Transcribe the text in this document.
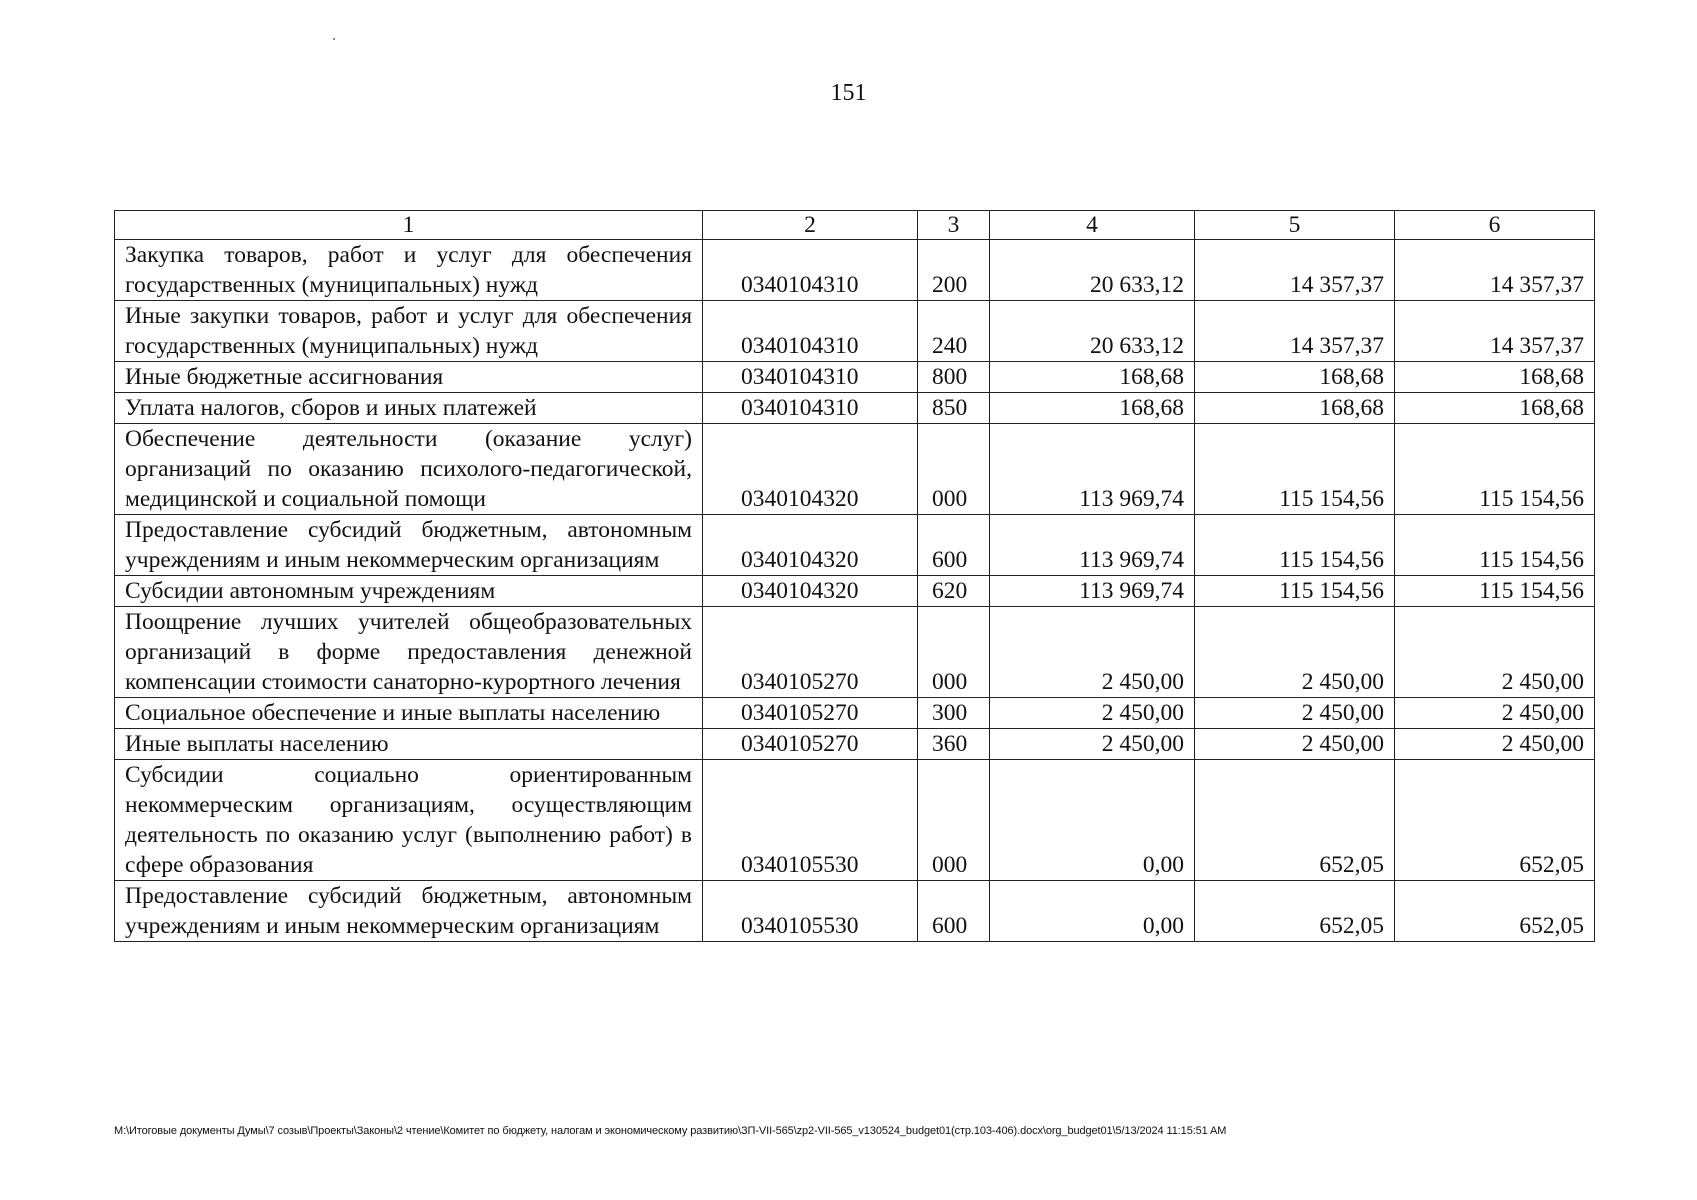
151
1	2	3	4	5	6
Закупка товаров, работ и услуг для обеспечения государственных (муниципальных) нужд	0340104310	200	20 633,12	14 357,37	14 357,37
Иные закупки товаров, работ и услуг для обеспечения государственных (муниципальных) нужд	0340104310	240	20 633,12	14 357,37	14 357,37
Иные бюджетные ассигнования	0340104310	800	168,68	168,68	168,68
Уплата налогов, сборов и иных платежей	0340104310	850	168,68	168,68	168,68
Обеспечение деятельности (оказание услуг) организаций по оказанию психолого-педагогической, медицинской и социальной помощи	0340104320	000	113 969,74	115 154,56	115 154,56
Предоставление субсидий бюджетным, автономным учреждениям и иным некоммерческим организациям	0340104320	600	113 969,74	115 154,56	115 154,56
Субсидии автономным учреждениям	0340104320	620	113 969,74	115 154,56	115 154,56
Поощрение лучших учителей общеобразовательных организаций в форме предоставления денежной компенсации стоимости санаторно-курортного лечения	0340105270	000	2 450,00	2 450,00	2 450,00
Социальное обеспечение и иные выплаты населению	0340105270	300	2 450,00	2 450,00	2 450,00
Иные выплаты населению	0340105270	360	2 450,00	2 450,00	2 450,00
Субсидии социально ориентированным некоммерческим организациям, осуществляющим деятельность по оказанию услуг (выполнению работ) в сфере образования	0340105530	000	0,00	652,05	652,05
Предоставление субсидий бюджетным, автономным учреждениям и иным некоммерческим организациям	0340105530	600	0,00	652,05	652,05
M:\Итоговые документы Думы\7 созыв\Проекты\Законы\2 чтение\Комитет по бюджету, налогам и экономическому развитию\ЗП-VII-565\zp2-VII-565_v130524_budget01(стр.103-406).docx\org_budget01\5/13/2024 11:15:51 AM
